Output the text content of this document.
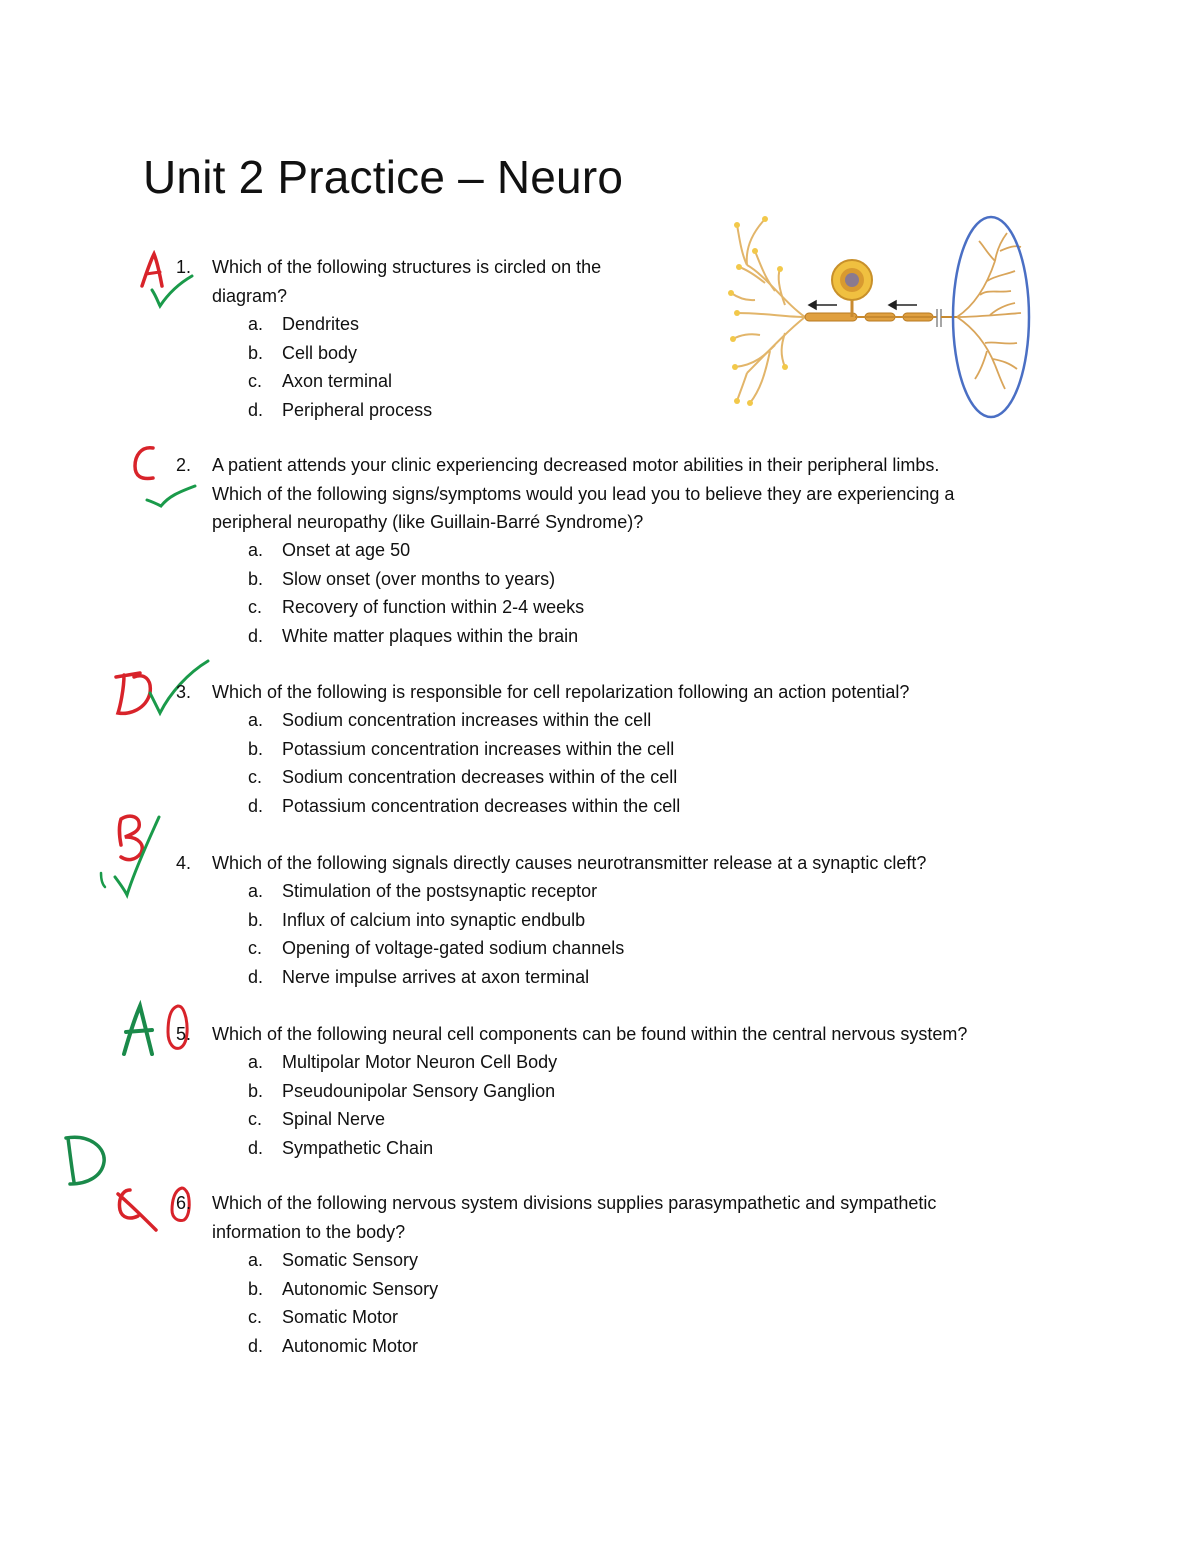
Unit 2 Practice – Neuro
1.	Which of the following structures is circled on the
diagram?
a.	Dendrites
b.	Cell body
c.	Axon terminal
d.	Peripheral process
2.	A patient attends your clinic experiencing decreased motor abilities in their peripheral limbs.
Which of the following signs/symptoms would you lead you to believe they are experiencing a
peripheral neuropathy (like Guillain-Barré Syndrome)?
a.	Onset at age 50
b.	Slow onset (over months to years)
c.	Recovery of function within 2-4 weeks
d.	White matter plaques within the brain
3.	Which of the following is responsible for cell repolarization following an action potential?
a.	Sodium concentration increases within the cell
b.	Potassium concentration increases within the cell
c.	Sodium concentration decreases within of the cell
d.	Potassium concentration decreases within the cell
4.	Which of the following signals directly causes neurotransmitter release at a synaptic cleft?
a.	Stimulation of the postsynaptic receptor
b.	Influx of calcium into synaptic endbulb
c.	Opening of voltage-gated sodium channels
d.	Nerve impulse arrives at axon terminal
5.	Which of the following neural cell components can be found within the central nervous system?
a.	Multipolar Motor Neuron Cell Body
b.	Pseudounipolar Sensory Ganglion
c.	Spinal Nerve
d.	Sympathetic Chain
6.	Which of the following nervous system divisions supplies parasympathetic and sympathetic
information to the body?
a.	Somatic Sensory
b.	Autonomic Sensory
c.	Somatic Motor
d.	Autonomic Motor
